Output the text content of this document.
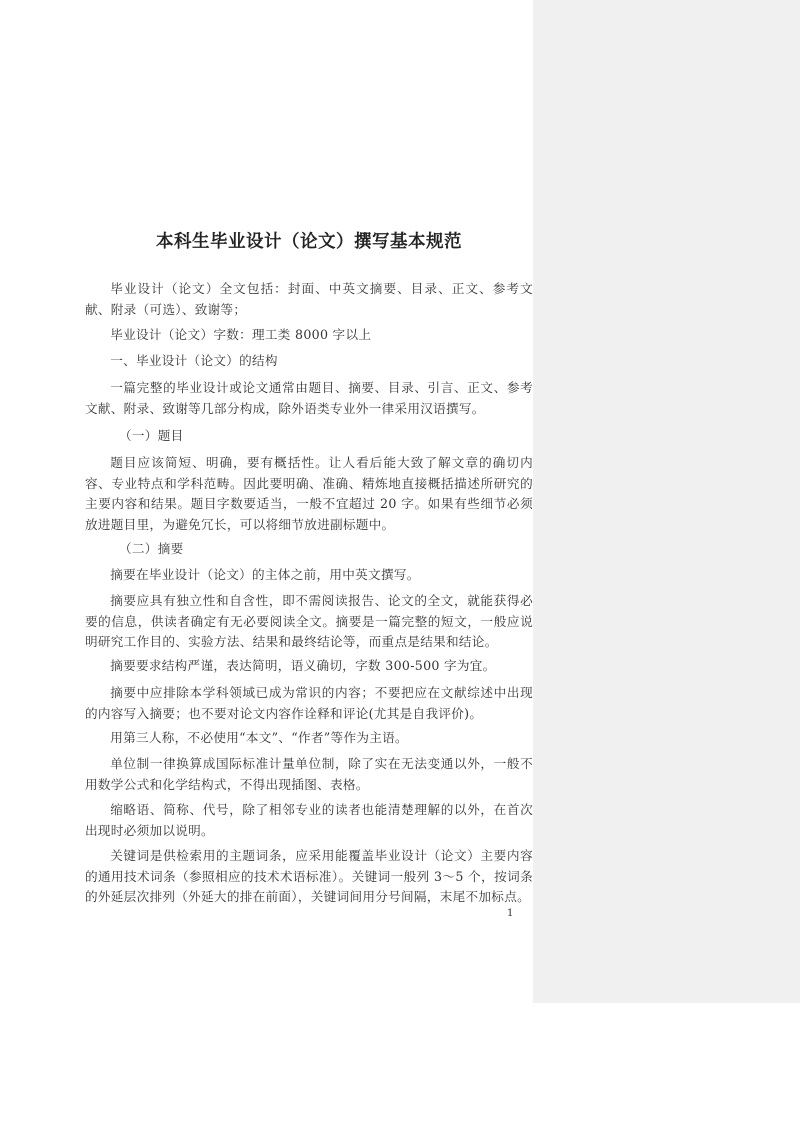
本科生毕业设计（论文）撰写基本规范

毕业设计（论文）全文包括：封面、中英文摘要、目录、正文、参考文献、附录（可选）、致谢等；

毕业设计（论文）字数：理工类 8000 字以上

一、毕业设计（论文）的结构

一篇完整的毕业设计或论文通常由题目、摘要、目录、引言、正文、参考文献、附录、致谢等几部分构成，除外语类专业外一律采用汉语撰写。

（一）题目

题目应该简短、明确，要有概括性。让人看后能大致了解文章的确切内容、专业特点和学科范畴。因此要明确、准确、精炼地直接概括描述所研究的主要内容和结果。题目字数要适当，一般不宜超过 20 字。如果有些细节必须放进题目里，为避免冗长，可以将细节放进副标题中。

（二）摘要

摘要在毕业设计（论文）的主体之前，用中英文撰写。

摘要应具有独立性和自含性，即不需阅读报告、论文的全文，就能获得必要的信息，供读者确定有无必要阅读全文。摘要是一篇完整的短文，一般应说明研究工作目的、实验方法、结果和最终结论等，而重点是结果和结论。

摘要要求结构严谨，表达简明，语义确切，字数 300-500 字为宜。

摘要中应排除本学科领域已成为常识的内容；不要把应在文献综述中出现的内容写入摘要；也不要对论文内容作诠释和评论(尤其是自我评价)。

用第三人称，不必使用“本文”、“作者”等作为主语。

单位制一律换算成国际标准计量单位制，除了实在无法变通以外，一般不用数学公式和化学结构式，不得出现插图、表格。

缩略语、简称、代号，除了相邻专业的读者也能清楚理解的以外，在首次出现时必须加以说明。

关键词是供检索用的主题词条，应采用能覆盖毕业设计（论文）主要内容的通用技术词条（参照相应的技术术语标准）。关键词一般列 3～5 个，按词条的外延层次排列（外延大的排在前面），关键词间用分号间隔，末尾不加标点。

1
